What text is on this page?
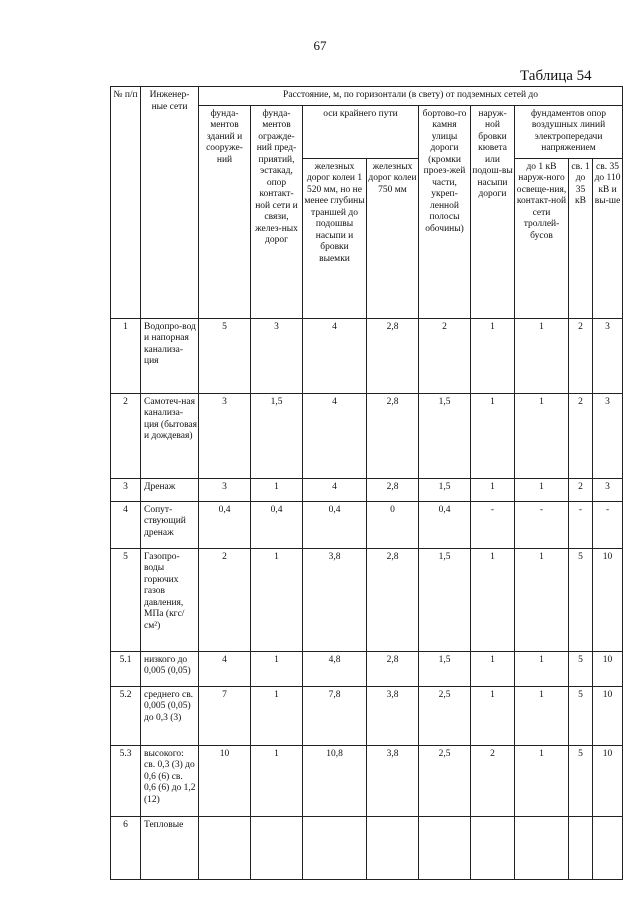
67
Таблица 54
№ п/п	Инженер-ные сети	Расстояние, м, по горизонтали (в свету) от подземных сетей до								
		фунда-ментов зданий и сооруже-ний	фунда-ментов огражде-ний пред-приятий, эстакад, опор контакт-ной сети и связи, желез-ных дорог	оси крайнего пути		бортово-го камня улицы дороги (кромки проез-жей части, укреп-ленной полосы обочины)	наруж-ной бровки кювета или подош-вы насыпи дороги	фундаментов опор воздушных линий электропередачи напряжением		
				железных дорог колеи 1 520 мм, но не менее глубины траншей до подошвы насыпи и бровки выемки	железных дорог колеи 750 мм			до 1 кВ наруж-ного освеще-ния, контакт-ной сети троллей-бусов	св. 1 до 35 кВ	св. 35 до 110 кВ и вы-ше
1	Водопро-вод и напорная канализа-ция	5	3	4	2,8	2	1	1	2	3
2	Самотеч-ная канализа-ция (бытовая и дождевая)	3	1,5	4	2,8	1,5	1	1	2	3
3	Дренаж	3	1	4	2,8	1,5	1	1	2	3
4	Сопут-ствующий дренаж	0,4	0,4	0,4	0	0,4	-	-	-	-
5	Газопро-воды горючих газов давления, МПа (кгс/см²)	2	1	3,8	2,8	1,5	1	1	5	10
5.1	низкого до 0,005 (0,05)	4	1	4,8	2,8	1,5	1	1	5	10
5.2	среднего св. 0,005 (0,05) до 0,3 (3)	7	1	7,8	3,8	2,5	1	1	5	10
5.3	высокого: св. 0,3 (3) до 0,6 (6) св. 0,6 (6) до 1,2 (12)	10	1	10,8	3,8	2,5	2	1	5	10
6	Тепловые									
